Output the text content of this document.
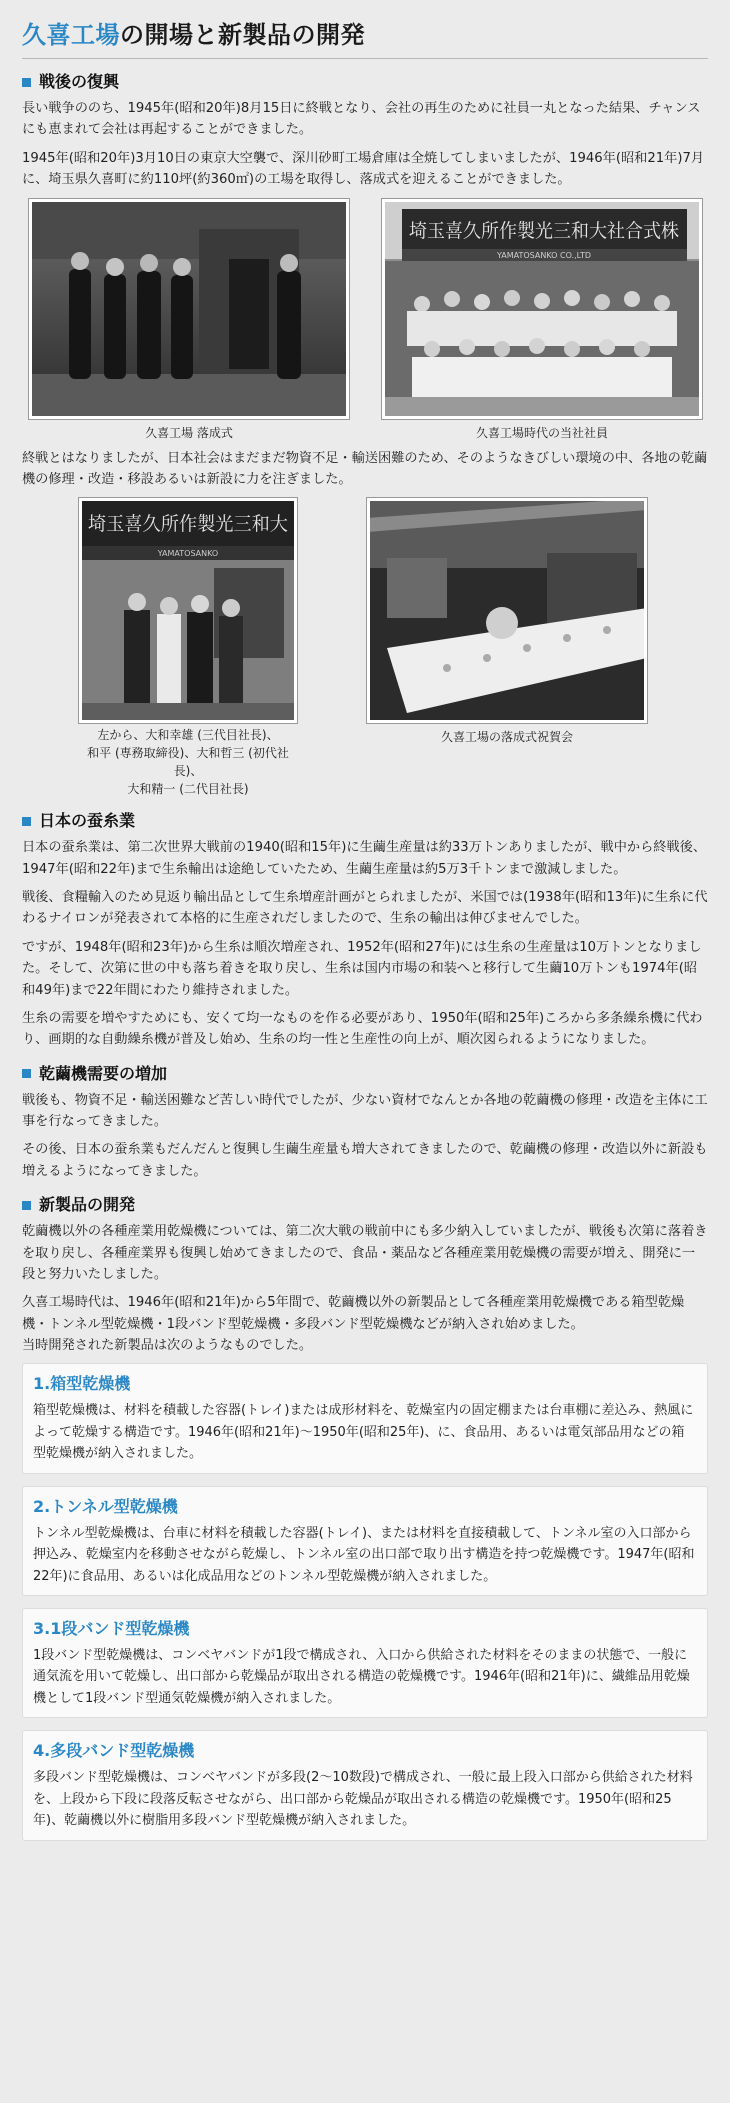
久喜工場の開場と新製品の開発
戦後の復興

長い戦争ののち、1945年(昭和20年)8月15日に終戦となり、会社の再生のために社員一丸となった結果、チャンスにも恵まれて会社は再起することができました。

1945年(昭和20年)3月10日の東京大空襲で、深川砂町工場倉庫は全焼してしまいましたが、1946年(昭和21年)7月に、埼玉県久喜町に約110坪(約360㎡)の工場を取得し、落成式を迎えることができました。

久喜工場 落成式
埼玉喜久所作製光三和大社合式株
YAMATOSANKO CO.,LTD
久喜工場時代の当社社員

終戦とはなりましたが、日本社会はまだまだ物資不足・輸送困難のため、そのようなきびしい環境の中、各地の乾繭機の修理・改造・移設あるいは新設に力を注ぎました。

埼玉喜久所作製光三和大
YAMATOSANKO
左から、大和幸雄 (三代目社長)、
和平 (専務取締役)、大和哲三 (初代社長)、
大和精一 (二代目社長)
久喜工場の落成式祝賀会
日本の蚕糸業

日本の蚕糸業は、第二次世界大戦前の1940(昭和15年)に生繭生産量は約33万トンありましたが、戦中から終戦後、1947年(昭和22年)まで生糸輸出は途絶していたため、生繭生産量は約5万3千トンまで激減しました。

戦後、食糧輸入のため見返り輸出品として生糸増産計画がとられましたが、米国では(1938年(昭和13年)に生糸に代わるナイロンが発表されて本格的に生産されだしましたので、生糸の輸出は伸びませんでした。

ですが、1948年(昭和23年)から生糸は順次増産され、1952年(昭和27年)には生糸の生産量は10万トンとなりました。そして、次第に世の中も落ち着きを取り戻し、生糸は国内市場の和装へと移行して生繭10万トンも1974年(昭和49年)まで22年間にわたり維持されました。

生糸の需要を増やすためにも、安くて均一なものを作る必要があり、1950年(昭和25年)ころから多条繰糸機に代わり、画期的な自動繰糸機が普及し始め、生糸の均一性と生産性の向上が、順次図られるようになりました。

乾繭機需要の増加

戦後も、物資不足・輸送困難など苦しい時代でしたが、少ない資材でなんとか各地の乾繭機の修理・改造を主体に工事を行なってきました。

その後、日本の蚕糸業もだんだんと復興し生繭生産量も増大されてきましたので、乾繭機の修理・改造以外に新設も増えるようになってきました。

新製品の開発

乾繭機以外の各種産業用乾燥機については、第二次大戦の戦前中にも多少納入していましたが、戦後も次第に落着きを取り戻し、各種産業界も復興し始めてきましたので、食品・薬品など各種産業用乾燥機の需要が増え、開発に一段と努力いたしました。

久喜工場時代は、1946年(昭和21年)から5年間で、乾繭機以外の新製品として各種産業用乾燥機である箱型乾燥機・トンネル型乾燥機・1段バンド型乾燥機・多段バンド型乾燥機などが納入され始めました。

当時開発された新製品は次のようなものでした。

1.箱型乾燥機

箱型乾燥機は、材料を積載した容器(トレイ)または成形材料を、乾燥室内の固定棚または台車棚に差込み、熱風によって乾燥する構造です。1946年(昭和21年)～1950年(昭和25年)、に、食品用、あるいは電気部品用などの箱型乾燥機が納入されました。

2.トンネル型乾燥機

トンネル型乾燥機は、台車に材料を積載した容器(トレイ)、または材料を直接積載して、トンネル室の入口部から押込み、乾燥室内を移動させながら乾燥し、トンネル室の出口部で取り出す構造を持つ乾燥機です。1947年(昭和22年)に食品用、あるいは化成品用などのトンネル型乾燥機が納入されました。

3.1段バンド型乾燥機

1段バンド型乾燥機は、コンベヤバンドが1段で構成され、入口から供給された材料をそのままの状態で、一般に通気流を用いて乾燥し、出口部から乾燥品が取出される構造の乾燥機です。1946年(昭和21年)に、繊維品用乾燥機として1段バンド型通気乾燥機が納入されました。

4.多段バンド型乾燥機

多段バンド型乾燥機は、コンベヤバンドが多段(2～10数段)で構成され、一般に最上段入口部から供給された材料を、上段から下段に段落反転させながら、出口部から乾燥品が取出される構造の乾燥機です。1950年(昭和25年)、乾繭機以外に樹脂用多段バンド型乾燥機が納入されました。
